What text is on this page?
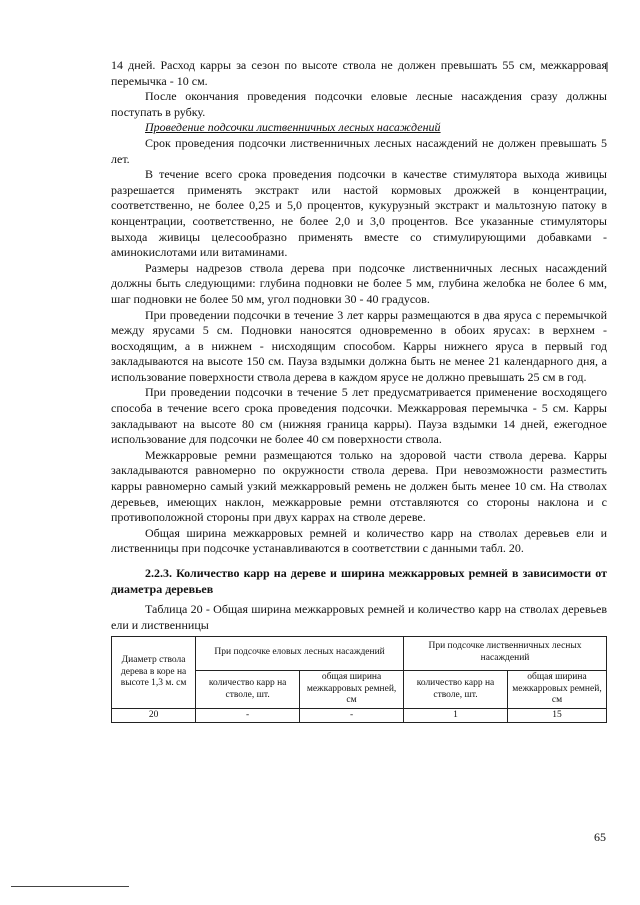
14 дней. Расход карры за сезон по высоте ствола не должен превышать 55 см, межкарровая перемычка - 10 см.

После окончания проведения подсочки еловые лесные насаждения сразу должны поступать в рубку.

Проведение подсочки лиственничных лесных насаждений

Срок проведения подсочки лиственничных лесных насаждений не должен превышать 5 лет.

В течение всего срока проведения подсочки в качестве стимулятора выхода живицы разрешается применять экстракт или настой кормовых дрожжей в концентрации, соответственно, не более 0,25 и 5,0 процентов, кукурузный экстракт и мальтозную патоку в концентрации, соответственно, не более 2,0 и 3,0 процентов. Все указанные стимуляторы выхода живицы целесообразно применять вместе со стимулирующими добавками - аминокислотами или витаминами.

Размеры надрезов ствола дерева при подсочке лиственничных лесных насаждений должны быть следующими: глубина подновки не более 5 мм, глубина желобка не более 6 мм, шаг подновки не более 50 мм, угол подновки 30 - 40 градусов.

При проведении подсочки в течение 3 лет карры размещаются в два яруса с перемычкой между ярусами 5 см. Подновки наносятся одновременно в обоих ярусах: в верхнем - восходящим, а в нижнем - нисходящим способом. Карры нижнего яруса в первый год закладываются на высоте 150 см. Пауза вздымки должна быть не менее 21 календарного дня, а использование поверхности ствола дерева в каждом ярусе не должно превышать 25 см в год.

При проведении подсочки в течение 5 лет предусматривается применение восходящего способа в течение всего срока проведения подсочки. Межкарровая перемычка - 5 см. Карры закладывают на высоте 80 см (нижняя граница карры). Пауза вздымки 14 дней, ежегодное использование для подсочки не более 40 см поверхности ствола.

Межкарровые ремни размещаются только на здоровой части ствола дерева. Карры закладываются равномерно по окружности ствола дерева. При невозможности разместить карры равномерно самый узкий межкарровый ремень не должен быть менее 10 см. На стволах деревьев, имеющих наклон, межкарровые ремни отставляются со стороны наклона и с противоположной стороны при двух каррах на стволе дереве.

Общая ширина межкарровых ремней и количество карр на стволах деревьев ели и лиственницы при подсочке устанавливаются в соответствии с данными табл. 20.

2.2.3. Количество карр на дереве и ширина межкарровых ремней в зависимости от диаметра деревьев

Таблица 20 - Общая ширина межкарровых ремней и количество карр на стволах деревьев ели и лиственницы

Диаметр ствола дерева в коре на высоте 1,3 м. см	При подсочке еловых лесных насаждений		При подсочке лиственничных лесных насаждений	
	количество карр на стволе, шт.	общая ширина межкарровых ремней, см	количество карр на стволе, шт.	общая ширина межкарровых ремней, см
20	-	-	1	15
65
